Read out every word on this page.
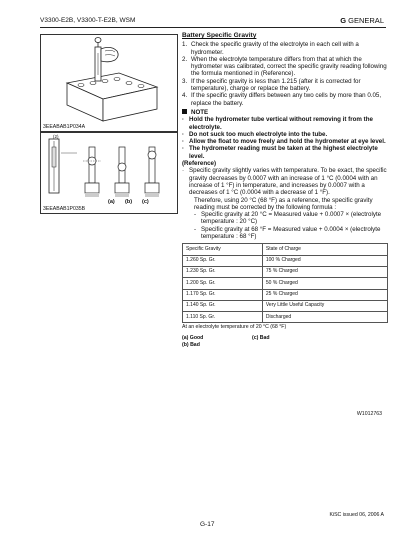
V3300-E2B, V3300-T-E2B, WSM	G GENERAL
3EEABAB1P034A
(2)
(a) (b) (c)
3EEABAB1P035B
Battery Specific Gravity
1. Check the specific gravity of the electrolyte in each cell with a hydrometer.
2. When the electrolyte temperature differs from that at which the hydrometer was calibrated, correct the specific gravity reading following the formula mentioned in (Reference).
3. If the specific gravity is less than 1.215 (after it is corrected for temperature), charge or replace the battery.
4. If the specific gravity differs between any two cells by more than 0.05, replace the battery.
NOTE
· Hold the hydrometer tube vertical without removing it from the electrolyte.
· Do not suck too much electrolyte into the tube.
· Allow the float to move freely and hold the hydrometer at eye level.
· The hydrometer reading must be taken at the highest electrolyte level.
(Reference)
· Specific gravity slightly varies with temperature. To be exact, the specific gravity decreases by 0.0007 with an increase of 1 °C (0.0004 with an increase of 1 °F) in temperature, and increases by 0.0007 with a decreases of 1 °C (0.0004 with a decrease of 1 °F).
Therefore, using 20 °C (68 °F) as a reference, the specific gravity reading must be corrected by the following formula :
- Specific gravity at 20 °C = Measured value + 0.0007 × (electrolyte temperature : 20 °C)
- Specific gravity at 68 °F = Measured value + 0.0004 × (electrolyte temperature : 68 °F)
Specific Gravity	State of Charge
1.260 Sp. Gr.	100 % Charged
1.230 Sp. Gr.	75 % Charged
1.200 Sp. Gr.	50 % Charged
1.170 Sp. Gr.	25 % Charged
1.140 Sp. Gr.	Very Little Useful Capacity
1.110 Sp. Gr.	Discharged
At an electrolyte temperature of 20 °C (68 °F)
(a) Good
(b) Bad
(c) Bad
W1012763
KiSC issued 06, 2006 A
G-17
